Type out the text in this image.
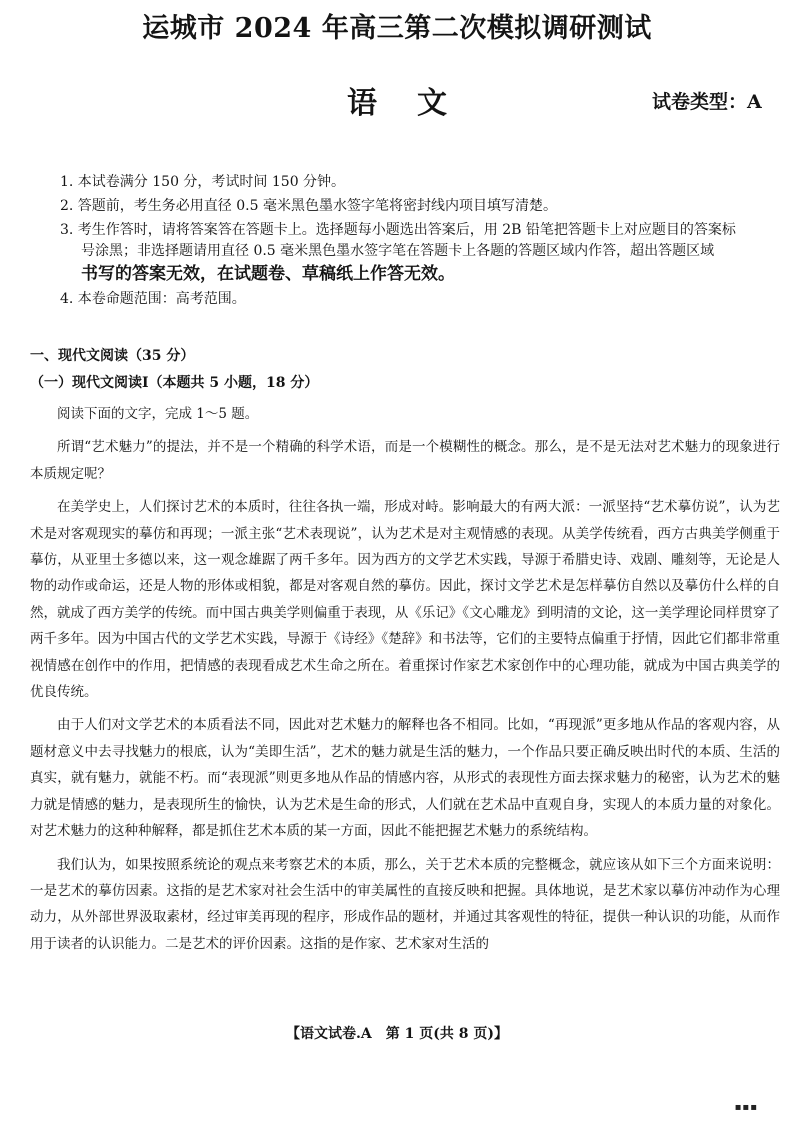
运城市 2024 年高三第二次模拟调研测试
语文	试卷类型：A
1. 本试卷满分 150 分，考试时间 150 分钟。
2. 答题前，考生务必用直径 0.5 毫米黑色墨水签字笔将密封线内项目填写清楚。
3. 考生作答时，请将答案答在答题卡上。选择题每小题选出答案后，用 2B 铅笔把答题卡上对应题目的答案标
号涂黑；非选择题请用直径 0.5 毫米黑色墨水签字笔在答题卡上各题的答题区域内作答，超出答题区域
书写的答案无效，在试题卷、草稿纸上作答无效。
4. 本卷命题范围：高考范围。
一、现代文阅读（35 分）
（一）现代文阅读Ⅰ（本题共 5 小题，18 分）

阅读下面的文字，完成 1～5 题。

所谓“艺术魅力”的提法，并不是一个精确的科学术语，而是一个模糊性的概念。那么，是不是无法对艺术魅力的现象进行本质规定呢？

在美学史上，人们探讨艺术的本质时，往往各执一端，形成对峙。影响最大的有两大派：一派坚持“艺术摹仿说”，认为艺术是对客观现实的摹仿和再现；一派主张“艺术表现说”，认为艺术是对主观情感的表现。从美学传统看，西方古典美学侧重于摹仿，从亚里士多德以来，这一观念雄踞了两千多年。因为西方的文学艺术实践，导源于希腊史诗、戏剧、雕刻等，无论是人物的动作或命运，还是人物的形体或相貌，都是对客观自然的摹仿。因此，探讨文学艺术是怎样摹仿自然以及摹仿什么样的自然，就成了西方美学的传统。而中国古典美学则偏重于表现，从《乐记》《文心雕龙》到明清的文论，这一美学理论同样贯穿了两千多年。因为中国古代的文学艺术实践，导源于《诗经》《楚辞》和书法等，它们的主要特点偏重于抒情，因此它们都非常重视情感在创作中的作用，把情感的表现看成艺术生命之所在。着重探讨作家艺术家创作中的心理功能，就成为中国古典美学的优良传统。

由于人们对文学艺术的本质看法不同，因此对艺术魅力的解释也各不相同。比如，“再现派”更多地从作品的客观内容，从题材意义中去寻找魅力的根底，认为“美即生活”，艺术的魅力就是生活的魅力，一个作品只要正确反映出时代的本质、生活的真实，就有魅力，就能不朽。而“表现派”则更多地从作品的情感内容，从形式的表现性方面去探求魅力的秘密，认为艺术的魅力就是情感的魅力，是表现所生的愉快，认为艺术是生命的形式，人们就在艺术品中直观自身，实现人的本质力量的对象化。对艺术魅力的这种种解释，都是抓住艺术本质的某一方面，因此不能把握艺术魅力的系统结构。

我们认为，如果按照系统论的观点来考察艺术的本质，那么，关于艺术本质的完整概念，就应该从如下三个方面来说明：一是艺术的摹仿因素。这指的是艺术家对社会生活中的审美属性的直接反映和把握。具体地说，是艺术家以摹仿冲动作为心理动力，从外部世界汲取素材，经过审美再现的程序，形成作品的题材，并通过其客观性的特征，提供一种认识的功能，从而作用于读者的认识能力。二是艺术的评价因素。这指的是作家、艺术家对生活的

【语文试卷.A　第 1 页(共 8 页)】
▪▪▪
